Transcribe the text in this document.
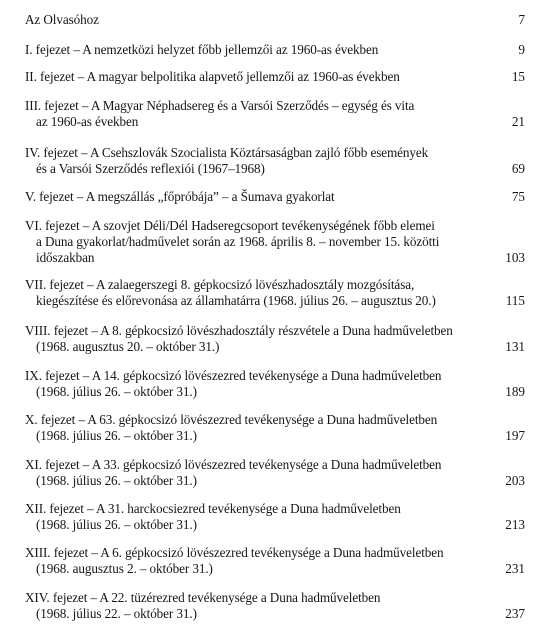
Az Olvasóhoz	7
I. fejezet – A nemzetközi helyzet főbb jellemzői az 1960-as években	9
II. fejezet – A magyar belpolitika alapvető jellemzői az 1960-as években	15
III. fejezet – A Magyar Néphadsereg és a Varsói Szerződés – egység és vita
az 1960-as években	21
IV. fejezet – A Csehszlovák Szocialista Köztársaságban zajló főbb események
és a Varsói Szerződés reflexiói (1967–1968)	69
V. fejezet – A megszállás „főpróbája” – a Šumava gyakorlat	75
VI. fejezet – A szovjet Déli/Dél Hadseregcsoport tevékenységének főbb elemei
a Duna gyakorlat/hadművelet során az 1968. április 8. – november 15. közötti
időszakban	103
VII. fejezet – A zalaegerszegi 8. gépkocsizó lövészhadosztály mozgósítása,
kiegészítése és előrevonása az államhatárra (1968. július 26. – augusztus 20.)	115
VIII. fejezet – A 8. gépkocsizó lövészhadosztály részvétele a Duna hadműveletben
(1968. augusztus 20. – október 31.)	131
IX. fejezet – A 14. gépkocsizó lövészezred tevékenysége a Duna hadműveletben
(1968. július 26. – október 31.)	189
X. fejezet – A 63. gépkocsizó lövészezred tevékenysége a Duna hadműveletben
(1968. július 26. – október 31.)	197
XI. fejezet – A 33. gépkocsizó lövészezred tevékenysége a Duna hadműveletben
(1968. július 26. – október 31.)	203
XII. fejezet – A 31. harckocsiezred tevékenysége a Duna hadműveletben
(1968. július 26. – október 31.)	213
XIII. fejezet – A 6. gépkocsizó lövészezred tevékenysége a Duna hadműveletben
(1968. augusztus 2. – október 31.)	231
XIV. fejezet – A 22. tüzérezred tevékenysége a Duna hadműveletben
(1968. július 22. – október 31.)	237
